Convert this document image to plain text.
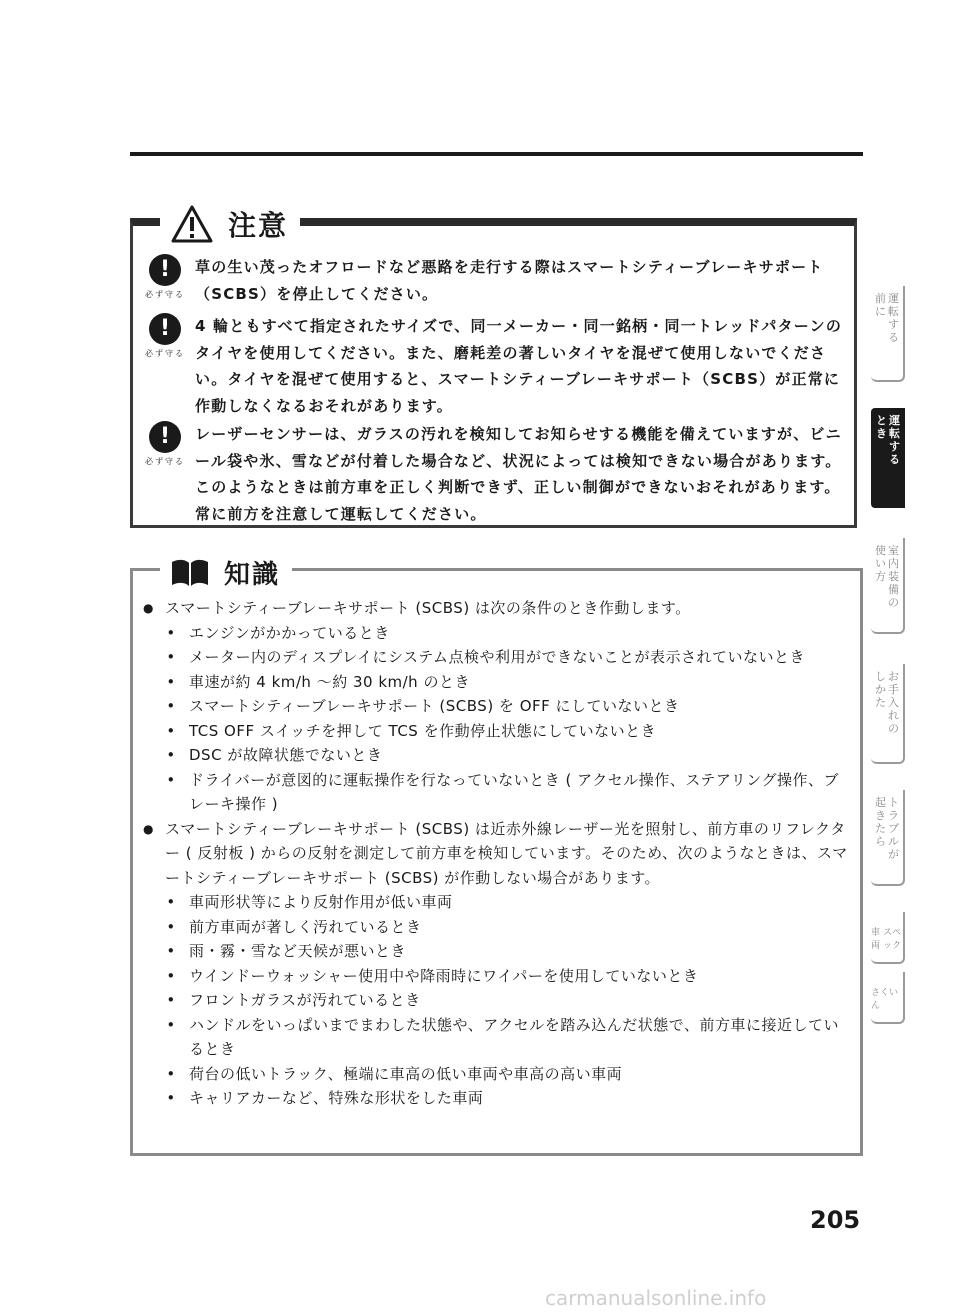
注意
!
必ず守る
草の生い茂ったオフロードなど悪路を走行する際はスマートシティーブレーキサポート（SCBS）を停止してください。
!
必ず守る
4 輪ともすべて指定されたサイズで、同一メーカー・同一銘柄・同一トレッドパターンのタイヤを使用してください。また、磨耗差の著しいタイヤを混ぜて使用しないでください。タイヤを混ぜて使用すると、スマートシティーブレーキサポート（SCBS）が正常に作動しなくなるおそれがあります。
!
必ず守る
レーザーセンサーは、ガラスの汚れを検知してお知らせする機能を備えていますが、ビニール袋や氷、雪などが付着した場合など、状況によっては検知できない場合があります。このようなときは前方車を正しく判断できず、正しい制御ができないおそれがあります。常に前方を注意して運転してください。
知識
● スマートシティーブレーキサポート (SCBS) は次の条件のとき作動します。
• エンジンがかかっているとき
• メーター内のディスプレイにシステム点検や利用ができないことが表示されていないとき
• 車速が約 4 km/h 〜約 30 km/h のとき
• スマートシティーブレーキサポート (SCBS) を OFF にしていないとき
• TCS OFF スイッチを押して TCS を作動停止状態にしていないとき
• DSC が故障状態でないとき
• ドライバーが意図的に運転操作を行なっていないとき ( アクセル操作、ステアリング操作、ブレーキ操作 )
● スマートシティーブレーキサポート (SCBS) は近赤外線レーザー光を照射し、前方車のリフレクター ( 反射板 ) からの反射を測定して前方車を検知しています。そのため、次のようなときは、スマートシティーブレーキサポート (SCBS) が作動しない場合があります。
• 車両形状等により反射作用が低い車両
• 前方車両が著しく汚れているとき
• 雨・霧・雪など天候が悪いとき
• ウインドーウォッシャー使用中や降雨時にワイパーを使用していないとき
• フロントガラスが汚れているとき
• ハンドルをいっぱいまでまわした状態や、アクセルを踏み込んだ状態で、前方車に接近しているとき
• 荷台の低いトラック、極端に車高の低い車両や車高の高い車両
• キャリアカーなど、特殊な形状をした車両
前
に
運
転
す
る
と
き
運
転
す
る
使
い
方
室
内
装
備
の
し
か
た
お
手
入
れ
の
起
き
た
ら
ト
ラ
ブ
ル
が
車両
スペック
さくいん
205
carmanualsonline.info
